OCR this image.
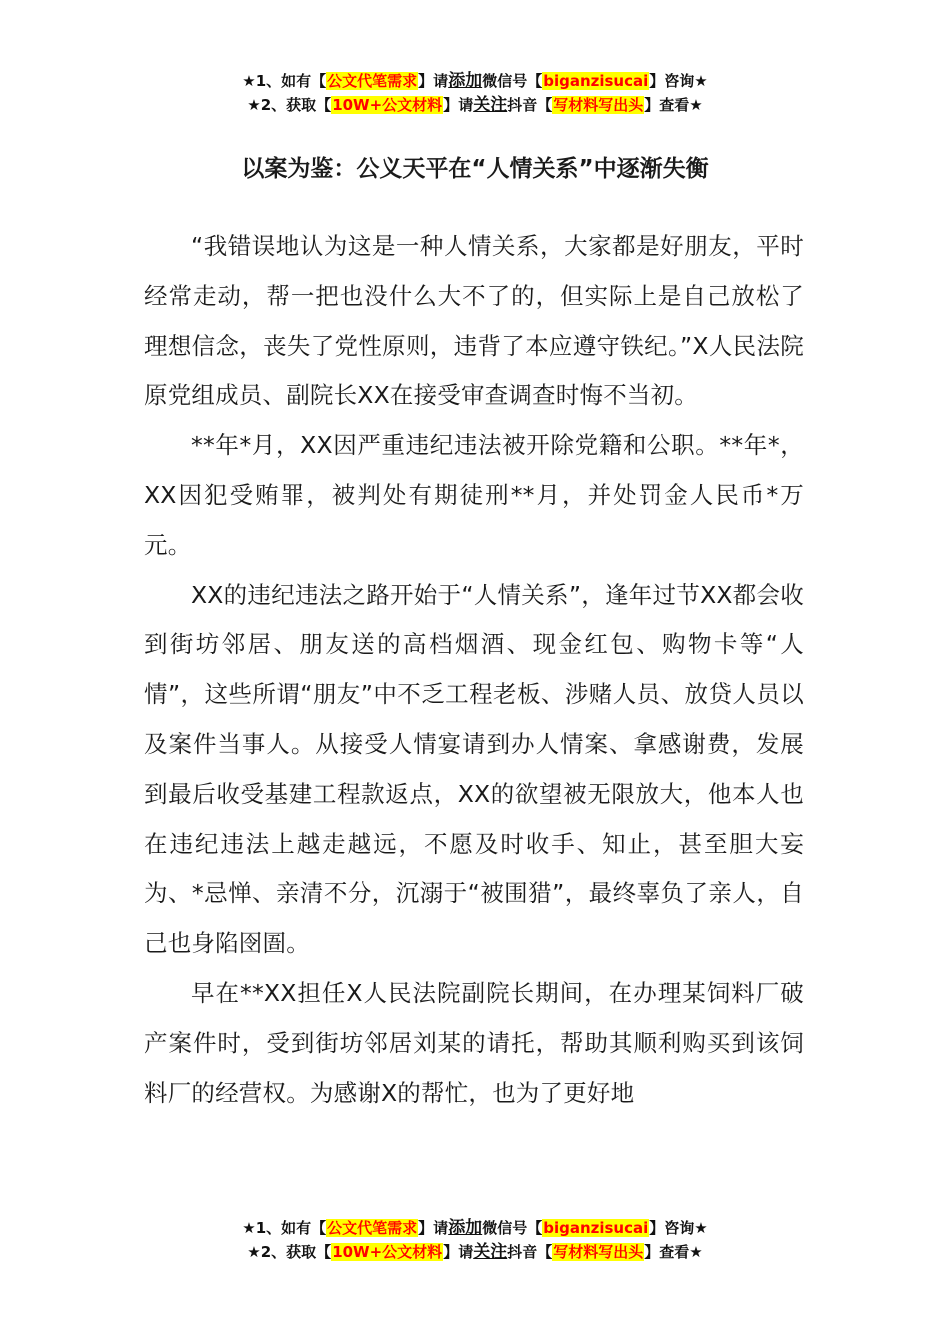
★1、如有【公文代笔需求】请添加微信号【biganzisucai】咨询★
★2、获取【10W+公文材料】请关注抖音【写材料写出头】查看★
以案为鉴：公义天平在“人情关系”中逐渐失衡

“我错误地认为这是一种人情关系，大家都是好朋友，平时经常走动，帮一把也没什么大不了的，但实际上是自己放松了理想信念，丧失了党性原则，违背了本应遵守铁纪。”X人民法院原党组成员、副院长XX在接受审查调查时悔不当初。

**年*月，XX因严重违纪违法被开除党籍和公职。**年*，XX因犯受贿罪，被判处有期徒刑**月，并处罚金人民币*万元。

XX的违纪违法之路开始于“人情关系”，逢年过节XX都会收到街坊邻居、朋友送的高档烟酒、现金红包、购物卡等“人情”，这些所谓“朋友”中不乏工程老板、涉赌人员、放贷人员以及案件当事人。从接受人情宴请到办人情案、拿感谢费，发展到最后收受基建工程款返点，XX的欲望被无限放大，他本人也在违纪违法上越走越远，不愿及时收手、知止，甚至胆大妄为、*忌惮、亲清不分，沉溺于“被围猎”，最终辜负了亲人，自己也身陷囹圄。

早在**XX担任X人民法院副院长期间，在办理某饲料厂破产案件时，受到街坊邻居刘某的请托，帮助其顺利购买到该饲料厂的经营权。为感谢X的帮忙，也为了更好地

★1、如有【公文代笔需求】请添加微信号【biganzisucai】咨询★
★2、获取【10W+公文材料】请关注抖音【写材料写出头】查看★
